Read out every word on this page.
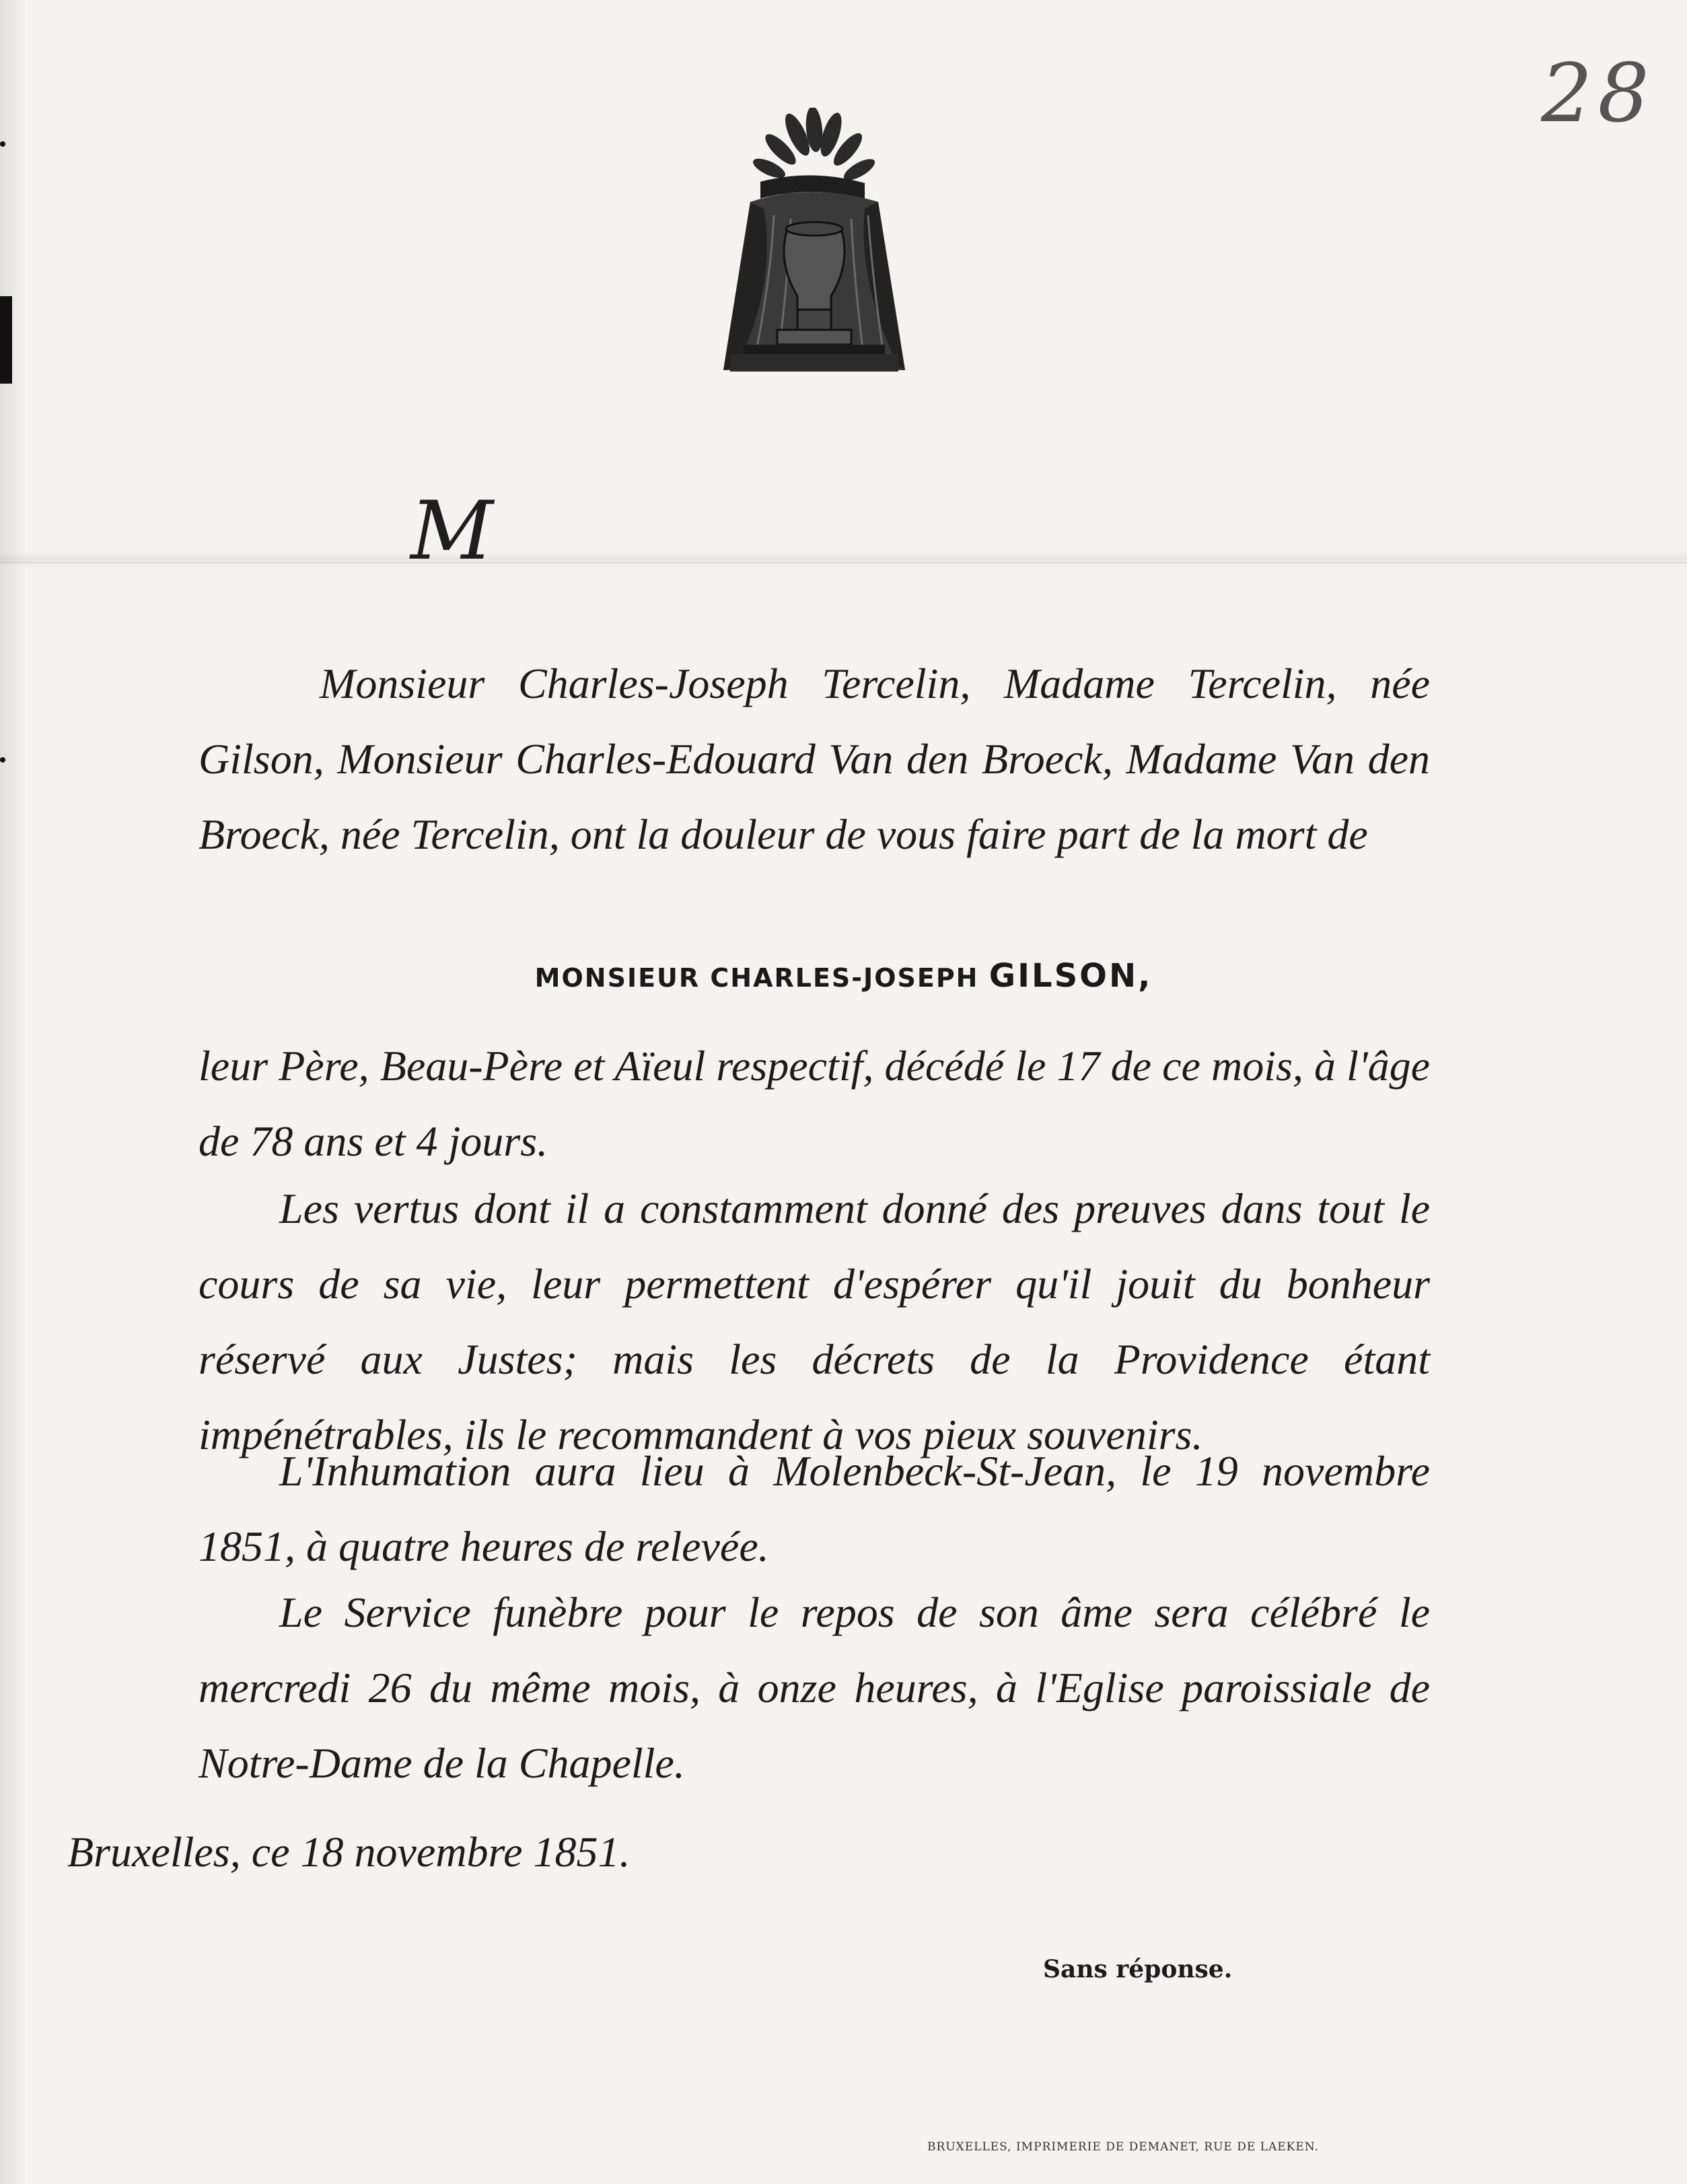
28
M

Monsieur Charles-Joseph Tercelin, Madame Tercelin, née Gilson, Monsieur Charles-Edouard Van den Broeck, Madame Van den Broeck, née Tercelin, ont la douleur de vous faire part de la mort de

MONSIEUR CHARLES-JOSEPH GILSON,

leur Père, Beau-Père et Aïeul respectif, décédé le 17 de ce mois, à l'âge de 78 ans et 4 jours.

Les vertus dont il a constamment donné des preuves dans tout le cours de sa vie, leur permettent d'espérer qu'il jouit du bonheur réservé aux Justes; mais les décrets de la Providence étant impénétrables, ils le recommandent à vos pieux souvenirs.

L'Inhumation aura lieu à Molenbeck-St-Jean, le 19 novembre 1851, à quatre heures de relevée.

Le Service funèbre pour le repos de son âme sera célébré le mercredi 26 du même mois, à onze heures, à l'Eglise paroissiale de Notre-Dame de la Chapelle.

Bruxelles, ce 18 novembre 1851.
Sans réponse.
BRUXELLES, IMPRIMERIE DE DEMANET, RUE DE LAEKEN.
